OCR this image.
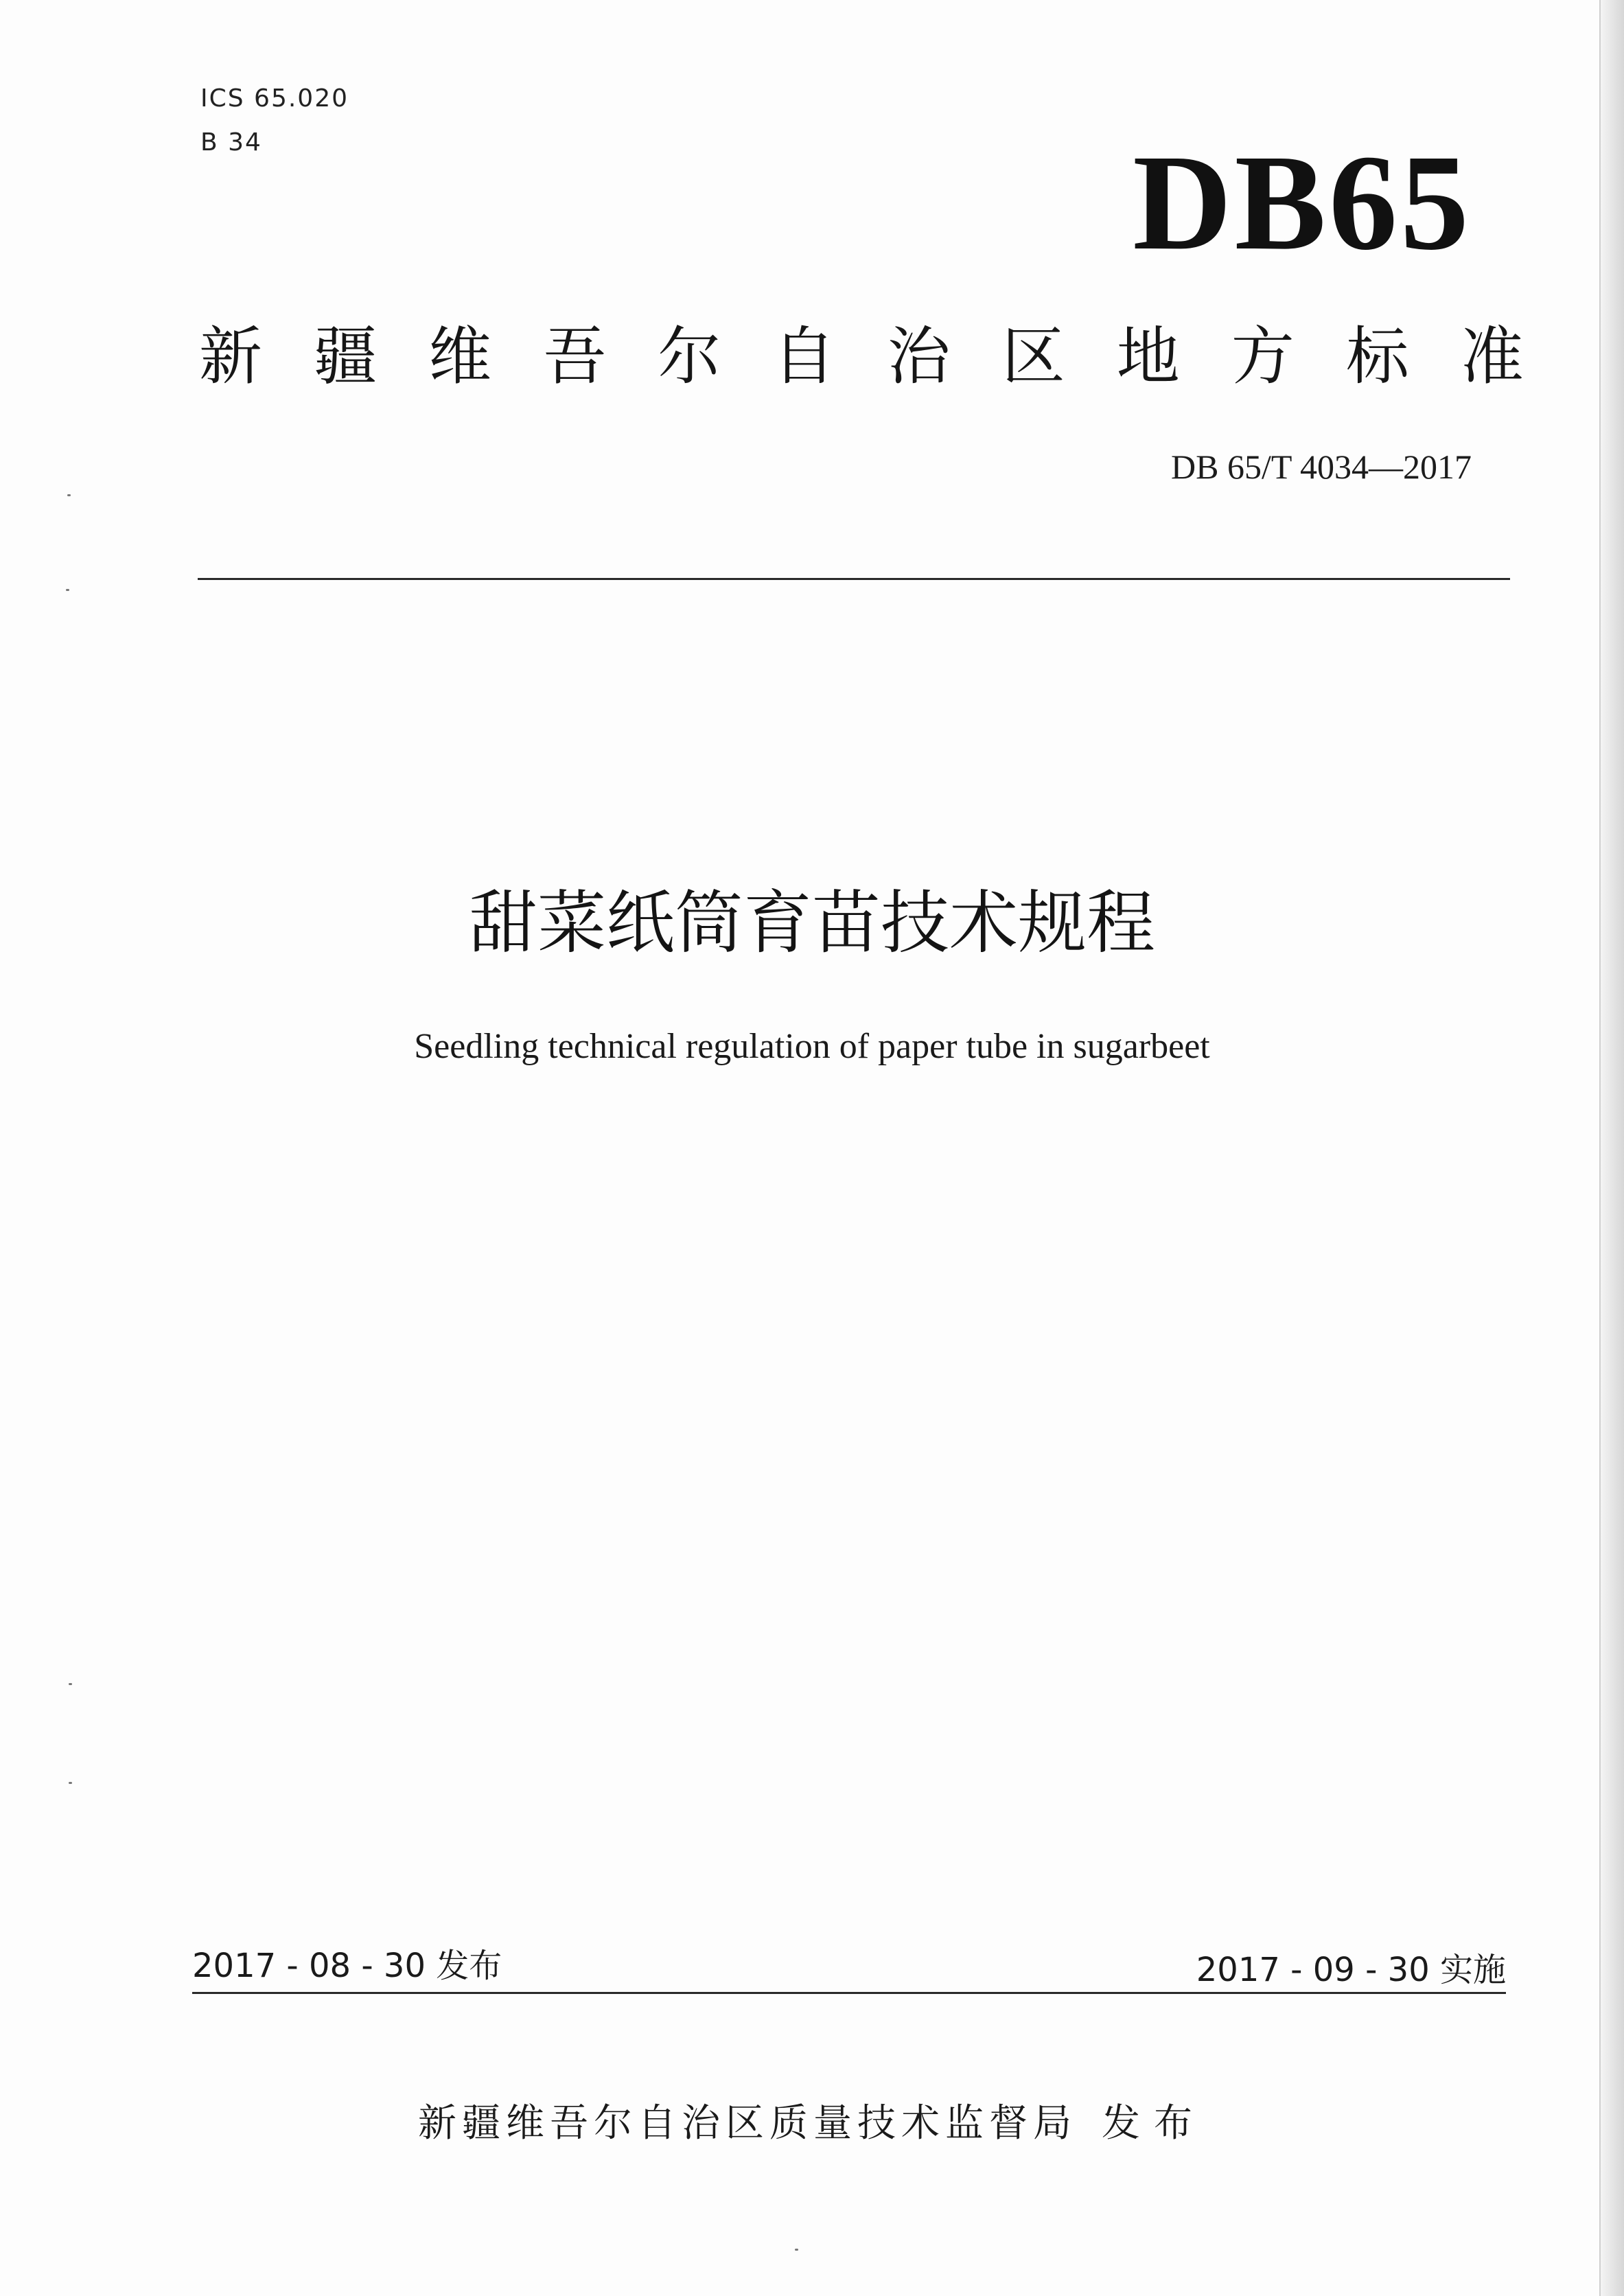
ICS 65.020
B 34	DB65
新疆维吾尔自治区地方标准
DB 65/T 4034—2017
甜菜纸筒育苗技术规程
Seedling technical regulation of paper tube in sugarbeet
2017 - 08 - 30 发布	2017 - 09 - 30 实施
新疆维吾尔自治区质量技术监督局 发布
